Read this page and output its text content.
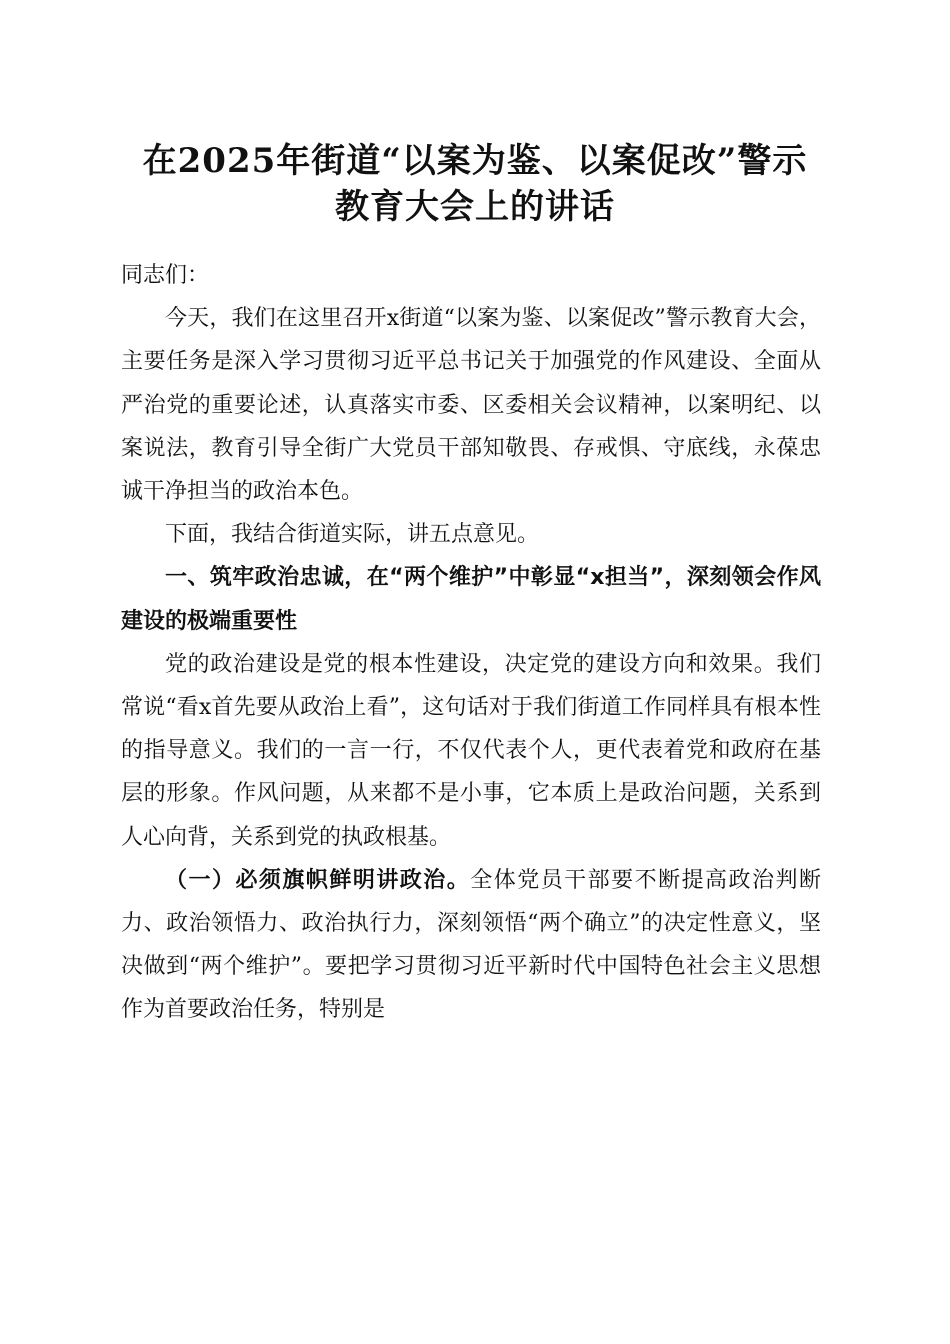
在2025年街道“以案为鉴、以案促改”警示
教育大会上的讲话

同志们：

今天，我们在这里召开x街道“以案为鉴、以案促改”警示教育大会，主要任务是深入学习贯彻习近平总书记关于加强党的作风建设、全面从严治党的重要论述，认真落实市委、区委相关会议精神，以案明纪、以案说法，教育引导全街广大党员干部知敬畏、存戒惧、守底线，永葆忠诚干净担当的政治本色。

下面，我结合街道实际，讲五点意见。

一、筑牢政治忠诚，在“两个维护”中彰显“x担当”，深刻领会作风建设的极端重要性

党的政治建设是党的根本性建设，决定党的建设方向和效果。我们常说“看x首先要从政治上看”，这句话对于我们街道工作同样具有根本性的指导意义。我们的一言一行，不仅代表个人，更代表着党和政府在基层的形象。作风问题，从来都不是小事，它本质上是政治问题，关系到人心向背，关系到党的执政根基。

（一）必须旗帜鲜明讲政治。全体党员干部要不断提高政治判断力、政治领悟力、政治执行力，深刻领悟“两个确立”的决定性意义，坚决做到“两个维护”。要把学习贯彻习近平新时代中国特色社会主义思想作为首要政治任务，特别是
